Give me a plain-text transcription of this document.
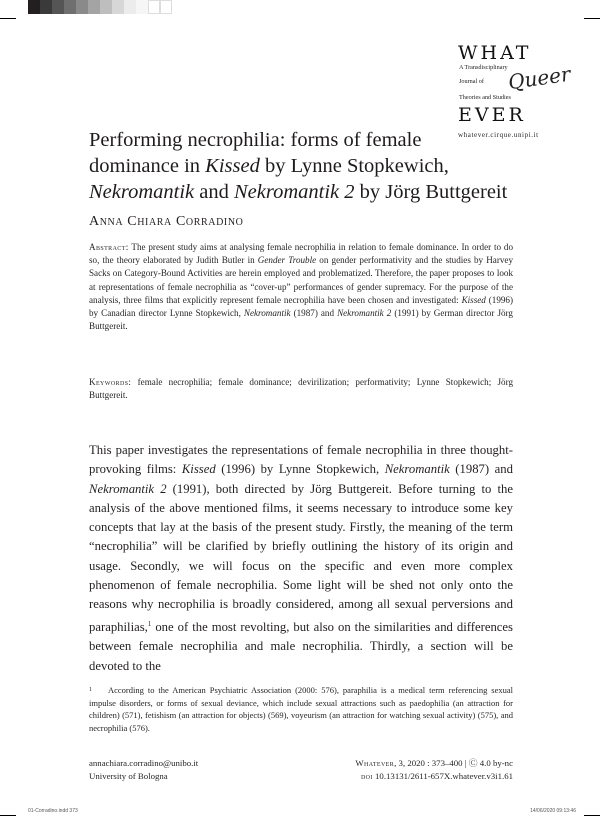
WHAT
A Transdisciplinary
Journal of Queer
Theories and Studies
EVER
whatever.cirque.unipi.it
Performing necrophilia: forms of female
dominance in Kissed by Lynne Stopkewich,
Nekromantik and Nekromantik 2 by Jörg Buttgereit
Anna Chiara Corradino

Abstract: The present study aims at analysing female necrophilia in relation to female dominance. In order to do so, the theory elaborated by Judith Butler in Gender Trouble on gender performativity and the studies by Harvey Sacks on Category-Bound Activities are herein employed and problematized. Therefore, the paper proposes to look at representations of female necrophilia as “cover-up” performances of gender supremacy. For the purpose of the analysis, three films that explicitly represent female necrophilia have been chosen and investigated: Kissed (1996) by Canadian director Lynne Stopkewich, Nekromantik (1987) and Nekromantik 2 (1991) by German director Jörg Buttgereit.

Keywords: female necrophilia; female dominance; devirilization; performativity; Lynne Stopkewich; Jörg Buttgereit.

This paper investigates the representations of female necrophilia in three thought-provoking films: Kissed (1996) by Lynne Stopkewich, Nekromantik (1987) and Nekromantik 2 (1991), both directed by Jörg Buttgereit. Before turning to the analysis of the above mentioned films, it seems necessary to introduce some key concepts that lay at the basis of the present study. Firstly, the meaning of the term “necrophilia” will be clarified by briefly outlining the history of its origin and usage. Secondly, we will focus on the specific and even more complex phenomenon of female necrophilia. Some light will be shed not only onto the reasons why necrophilia is broadly considered, among all sexual perversions and paraphilias,$^1$ one of the most revolting, but also on the similarities and differences between female necrophilia and male necrophilia. Thirdly, a section will be devoted to the

1	According to the American Psychiatric Association (2000: 576), paraphilia is a medical term referencing sexual impulse disorders, or forms of sexual deviance, which include sexual attractions such as paedophilia (an attraction for children) (571), fetishism (an attraction for objects) (569), voyeurism (an attraction for watching sexual activity) (575), and necrophilia (576).
annachiara.corradino@unibo.it
University of Bologna
Whatever, 3, 2020 : 373–400 | Ⓒ 4.0 by-nc
doi 10.13131/2611-657X.whatever.v3i1.61
01-Corradino.indd 373	14/06/2020 09:13:46
